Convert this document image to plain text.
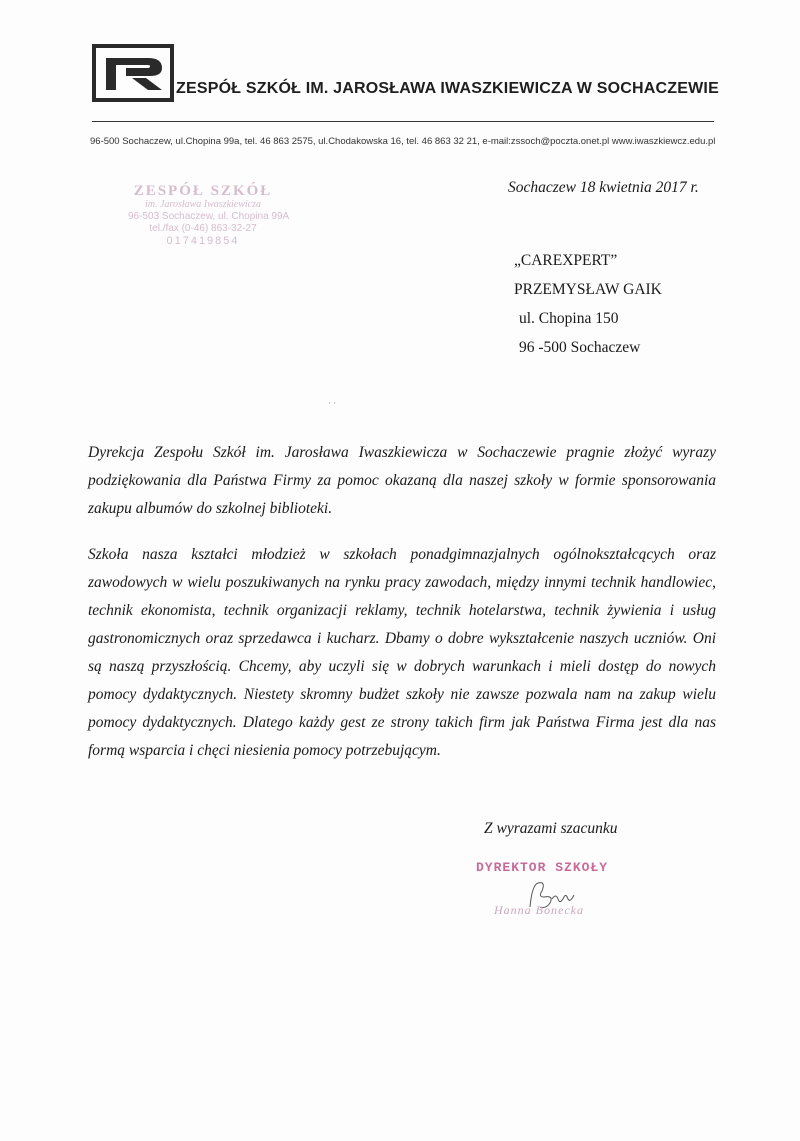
ZESPÓŁ SZKÓŁ IM. JAROSŁAWA IWASZKIEWICZA W SOCHACZEWIE
96-500 Sochaczew, ul.Chopina 99a, tel. 46 863 2575, ul.Chodakowska 16, tel. 46 863 32 21, e-mail:zssoch@poczta.onet.pl www.iwaszkiewcz.edu.pl
ZESPÓŁ SZKÓŁ
im. Jarosława Iwaszkiewicza
96-503 Sochaczew, ul. Chopina 99A
tel./fax (0-46) 863-32-27
017419854
Sochaczew 18 kwietnia 2017 r.
„CAREXPERT”
PRZEMYSŁAW GAIK
ul. Chopina 150
96 -500 Sochaczew
· ·

Dyrekcja Zespołu Szkół im. Jarosława Iwaszkiewicza w Sochaczewie pragnie złożyć wyrazy podziękowania dla Państwa Firmy za pomoc okazaną dla naszej szkoły w formie sponsorowania zakupu albumów do szkolnej biblioteki.

Szkoła nasza kształci młodzież w szkołach ponadgimnazjalnych ogólnokształcących oraz zawodowych w wielu poszukiwanych na rynku pracy zawodach, między innymi technik handlowiec, technik ekonomista, technik organizacji reklamy, technik hotelarstwa, technik żywienia i usług gastronomicznych oraz sprzedawca i kucharz. Dbamy o dobre wykształcenie naszych uczniów. Oni są naszą przyszłością. Chcemy, aby uczyli się w dobrych warunkach i mieli dostęp do nowych pomocy dydaktycznych. Niestety skromny budżet szkoły nie zawsze pozwala nam na zakup wielu pomocy dydaktycznych. Dlatego każdy gest ze strony takich firm jak Państwa Firma jest dla nas formą wsparcia i chęci niesienia pomocy potrzebującym.

Z wyrazami szacunku
DYREKTOR SZKOŁY
Hanna Bonecka
